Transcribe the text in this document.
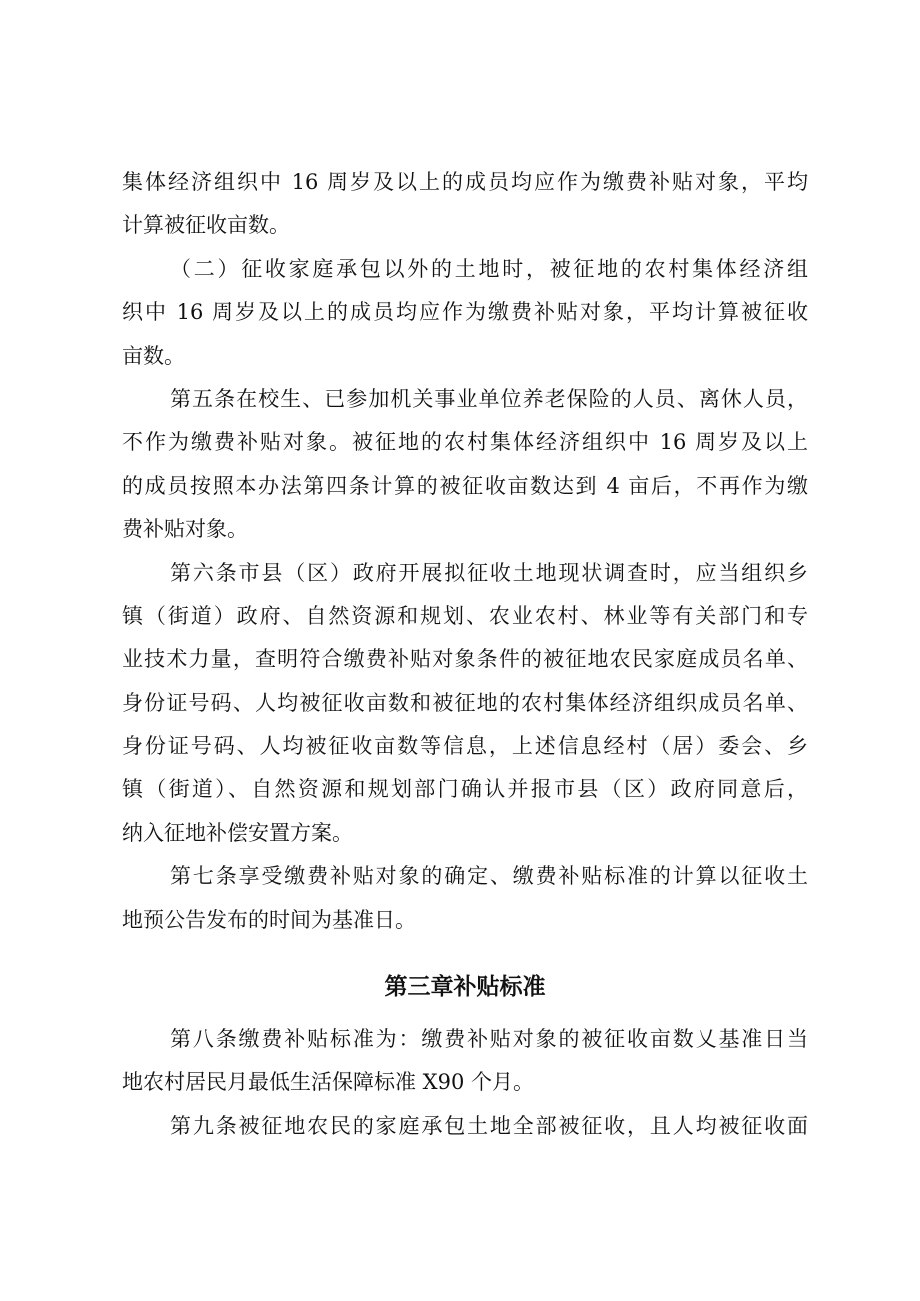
集体经济组织中 16 周岁及以上的成员均应作为缴费补贴对象，平均
计算被征收亩数。
（二）征收家庭承包以外的土地时，被征地的农村集体经济组
织中 16 周岁及以上的成员均应作为缴费补贴对象，平均计算被征收
亩数。
第五条在校生、已参加机关事业单位养老保险的人员、离休人员，
不作为缴费补贴对象。被征地的农村集体经济组织中 16 周岁及以上
的成员按照本办法第四条计算的被征收亩数达到 4 亩后，不再作为缴
费补贴对象。
第六条市县（区）政府开展拟征收土地现状调查时，应当组织乡
镇（街道）政府、自然资源和规划、农业农村、林业等有关部门和专
业技术力量，查明符合缴费补贴对象条件的被征地农民家庭成员名单、
身份证号码、人均被征收亩数和被征地的农村集体经济组织成员名单、
身份证号码、人均被征收亩数等信息，上述信息经村（居）委会、乡
镇（街道）、自然资源和规划部门确认并报市县（区）政府同意后，
纳入征地补偿安置方案。
第七条享受缴费补贴对象的确定、缴费补贴标准的计算以征收土
地预公告发布的时间为基准日。
第三章补贴标准
第八条缴费补贴标准为：缴费补贴对象的被征收亩数乂基准日当
地农村居民月最低生活保障标准 X90 个月。
第九条被征地农民的家庭承包土地全部被征收，且人均被征收面
